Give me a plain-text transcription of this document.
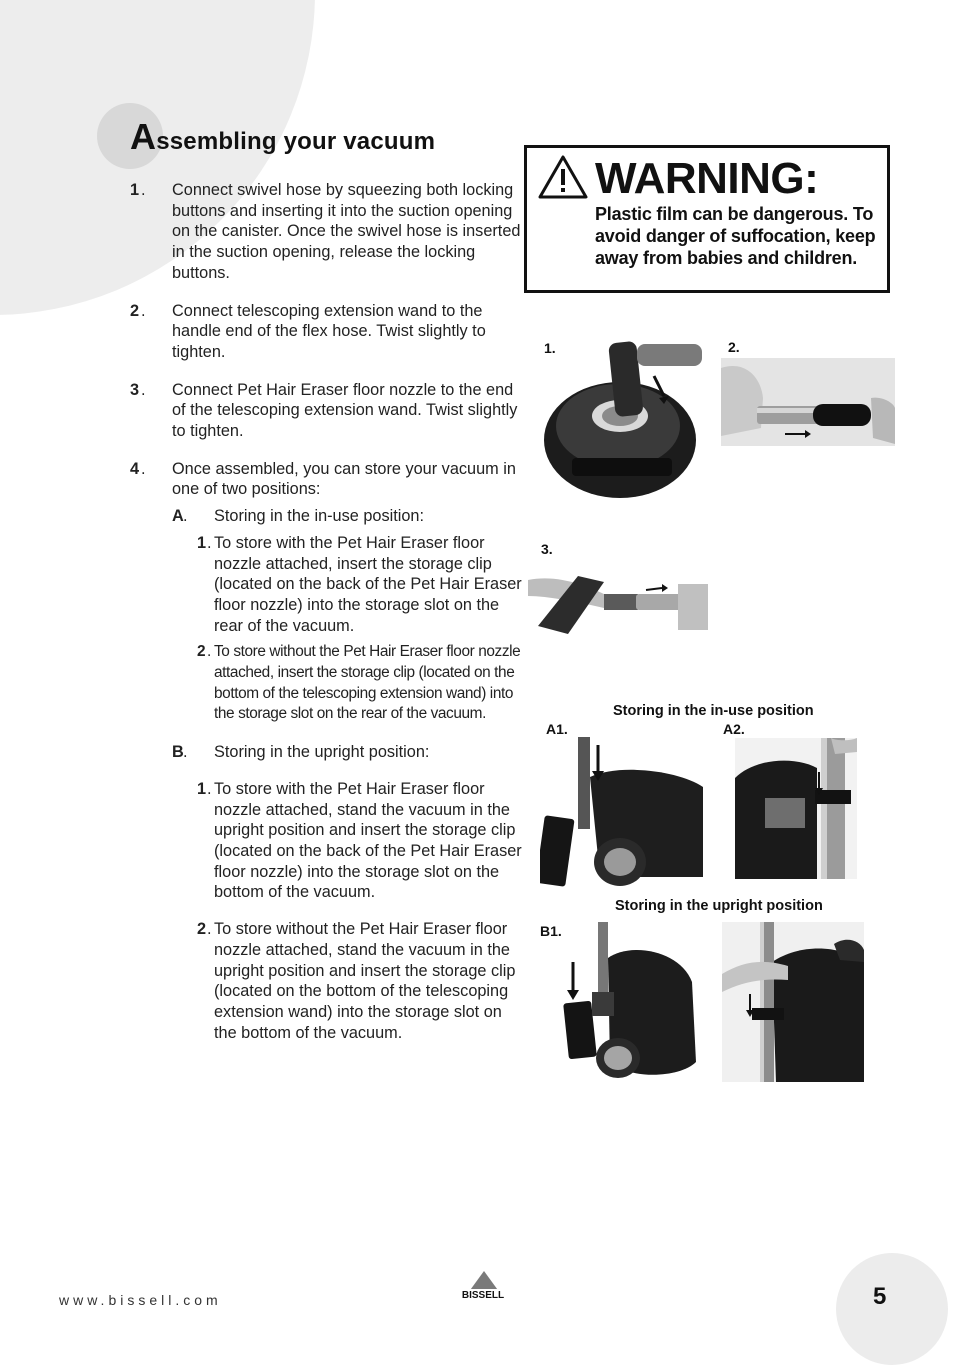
Assembling your vacuum
1 . Connect swivel hose by squeezing both locking buttons and inserting it into the suction opening on the canister. Once the swivel hose is inserted in the suction opening, release the locking buttons.
2 . Connect telescoping extension wand to the handle end of the flex hose. Twist slightly to tighten.
3 . Connect Pet Hair Eraser floor nozzle to the end of the telescoping extension wand. Twist slightly to tighten.
4 . Once assembled, you can store your vacuum in one of two positions:
A . Storing in the in-use position:
1 . To store with the Pet Hair Eraser floor nozzle attached, insert the storage clip (located on the back of the Pet Hair Eraser floor nozzle) into the storage slot on the rear of the vacuum.
2 . To store without the Pet Hair Eraser floor nozzle attached, insert the storage clip (located on the bottom of the telescoping extension wand) into the storage slot on the rear of the vacuum.
B . Storing in the upright position:
1 . To store with the Pet Hair Eraser floor nozzle attached, stand the vacuum in the upright position and insert the storage clip (located on the back of the Pet Hair Eraser floor nozzle) into the storage slot on the bottom of the vacuum.
2 . To store without the Pet Hair Eraser floor nozzle attached, stand the vacuum in the upright position and insert the storage clip (located on the bottom of the telescoping extension wand) into the storage slot on the bottom of the vacuum.
WARNING:
Plastic film can be dangerous. To avoid danger of suffocation, keep away from babies and children.
1.	2.
3.
Storing in the in-use position
A1.	A2.
Storing in the upright position
B1.
www.bissell.com	BISSELL	5
